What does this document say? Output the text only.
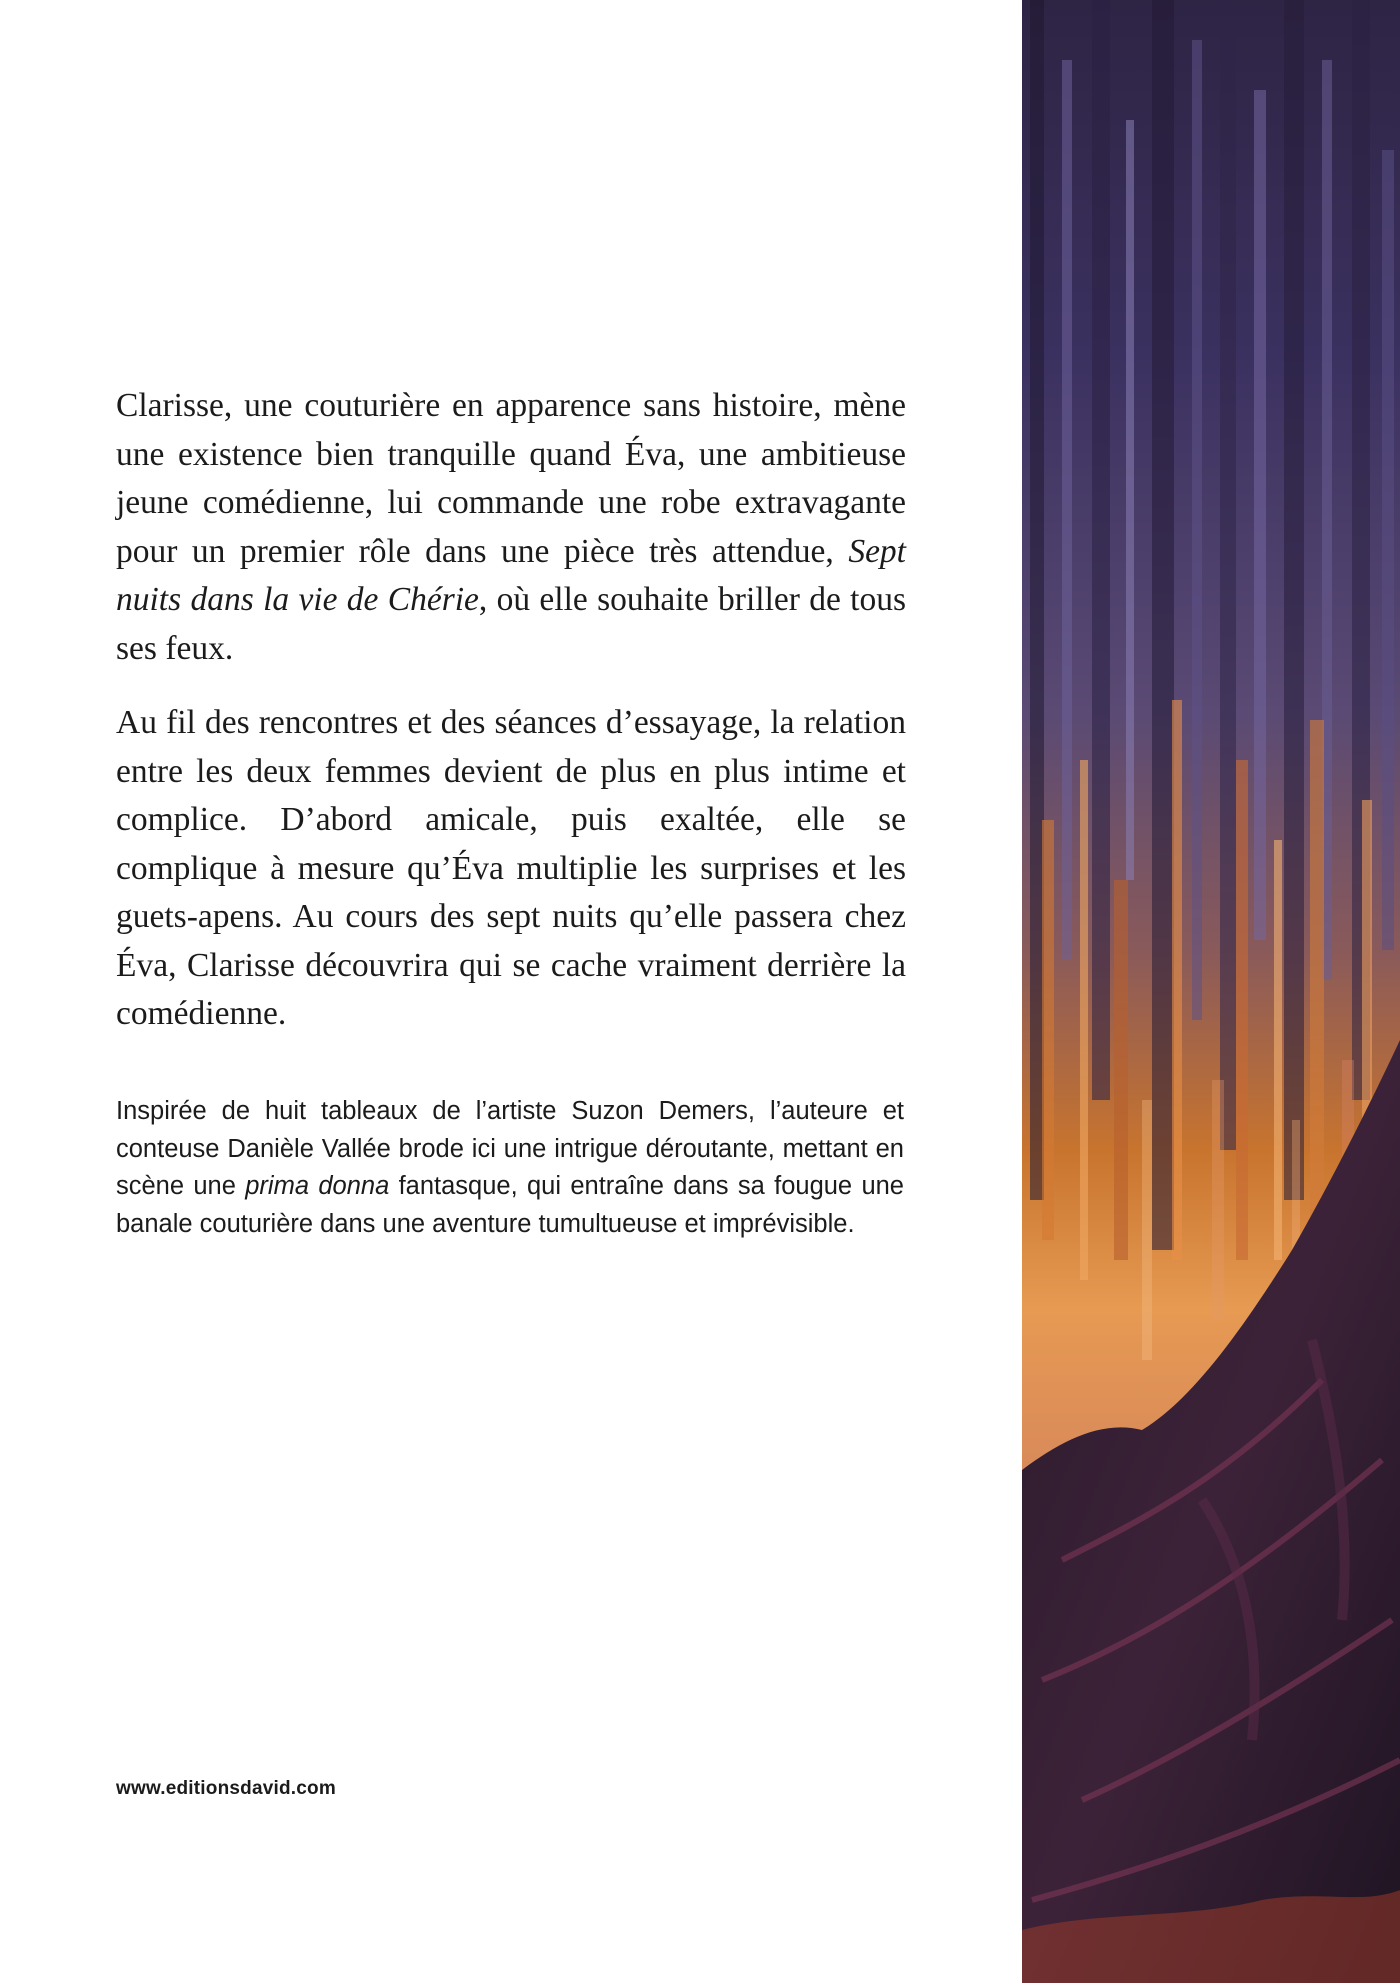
Clarisse, une couturière en apparence sans histoire, mène une existence bien tranquille quand Éva, une ambitieuse jeune comédienne, lui commande une robe extravagante pour un premier rôle dans une pièce très attendue, Sept nuits dans la vie de Chérie, où elle souhaite briller de tous ses feux.

Au fil des rencontres et des séances d’essayage, la relation entre les deux femmes devient de plus en plus intime et complice. D’abord amicale, puis exaltée, elle se complique à mesure qu’Éva multiplie les surprises et les guets-apens. Au cours des sept nuits qu’elle passera chez Éva, Clarisse découvrira qui se cache vraiment derrière la comédienne.

Inspirée de huit tableaux de l’artiste Suzon Demers, l’auteure et conteuse Danièle Vallée brode ici une intrigue déroutante, mettant en scène une prima donna fantasque, qui entraîne dans sa fougue une banale couturière dans une aventure tumultueuse et imprévisible.

www.editionsdavid.com
